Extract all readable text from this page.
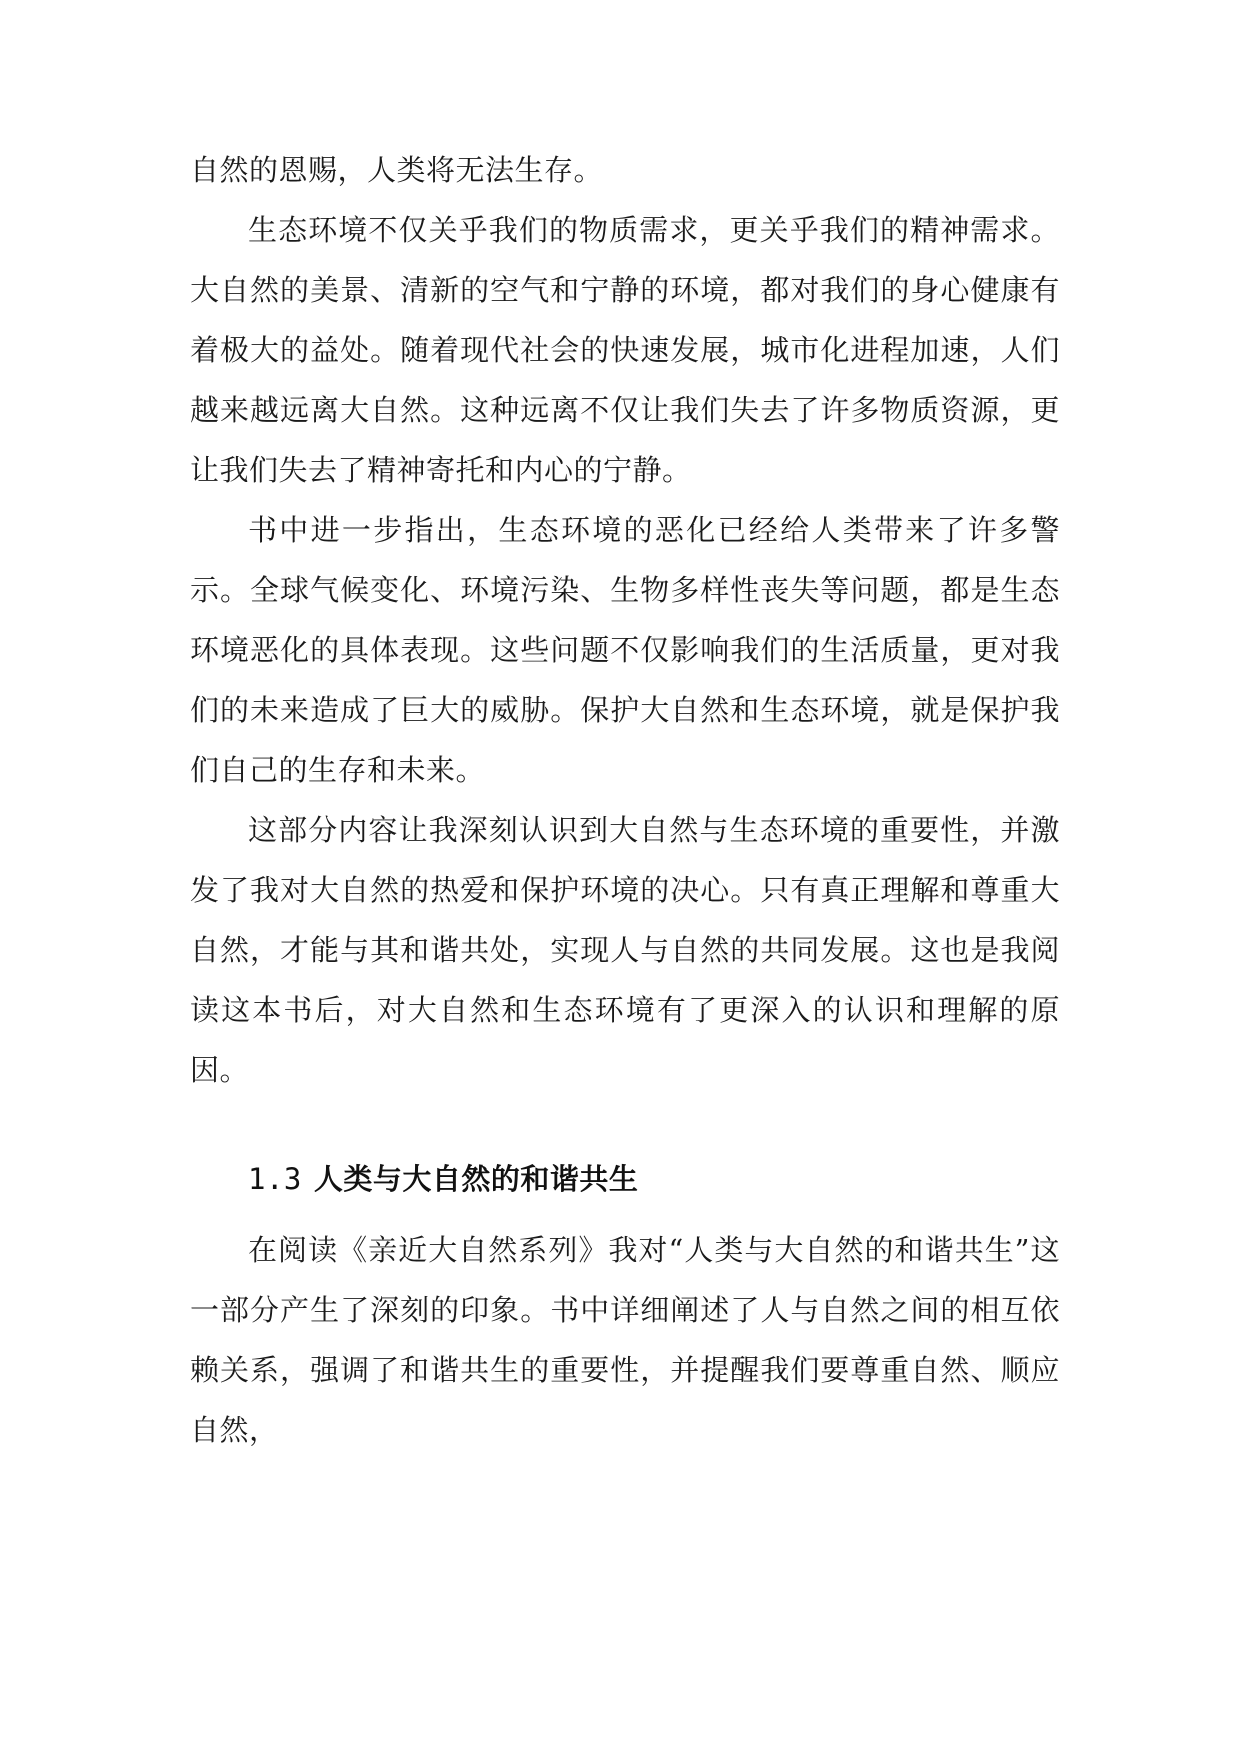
自然的恩赐，人类将无法生存。

生态环境不仅关乎我们的物质需求，更关乎我们的精神需求。大自然的美景、清新的空气和宁静的环境，都对我们的身心健康有着极大的益处。随着现代社会的快速发展，城市化进程加速，人们越来越远离大自然。这种远离不仅让我们失去了许多物质资源，更让我们失去了精神寄托和内心的宁静。

书中进一步指出，生态环境的恶化已经给人类带来了许多警示。全球气候变化、环境污染、生物多样性丧失等问题，都是生态环境恶化的具体表现。这些问题不仅影响我们的生活质量，更对我们的未来造成了巨大的威胁。保护大自然和生态环境，就是保护我们自己的生存和未来。

这部分内容让我深刻认识到大自然与生态环境的重要性，并激发了我对大自然的热爱和保护环境的决心。只有真正理解和尊重大自然，才能与其和谐共处，实现人与自然的共同发展。这也是我阅读这本书后，对大自然和生态环境有了更深入的认识和理解的原因。

1.3 人类与大自然的和谐共生

在阅读《亲近大自然系列》我对“人类与大自然的和谐共生”这一部分产生了深刻的印象。书中详细阐述了人与自然之间的相互依赖关系，强调了和谐共生的重要性，并提醒我们要尊重自然、顺应自然，
